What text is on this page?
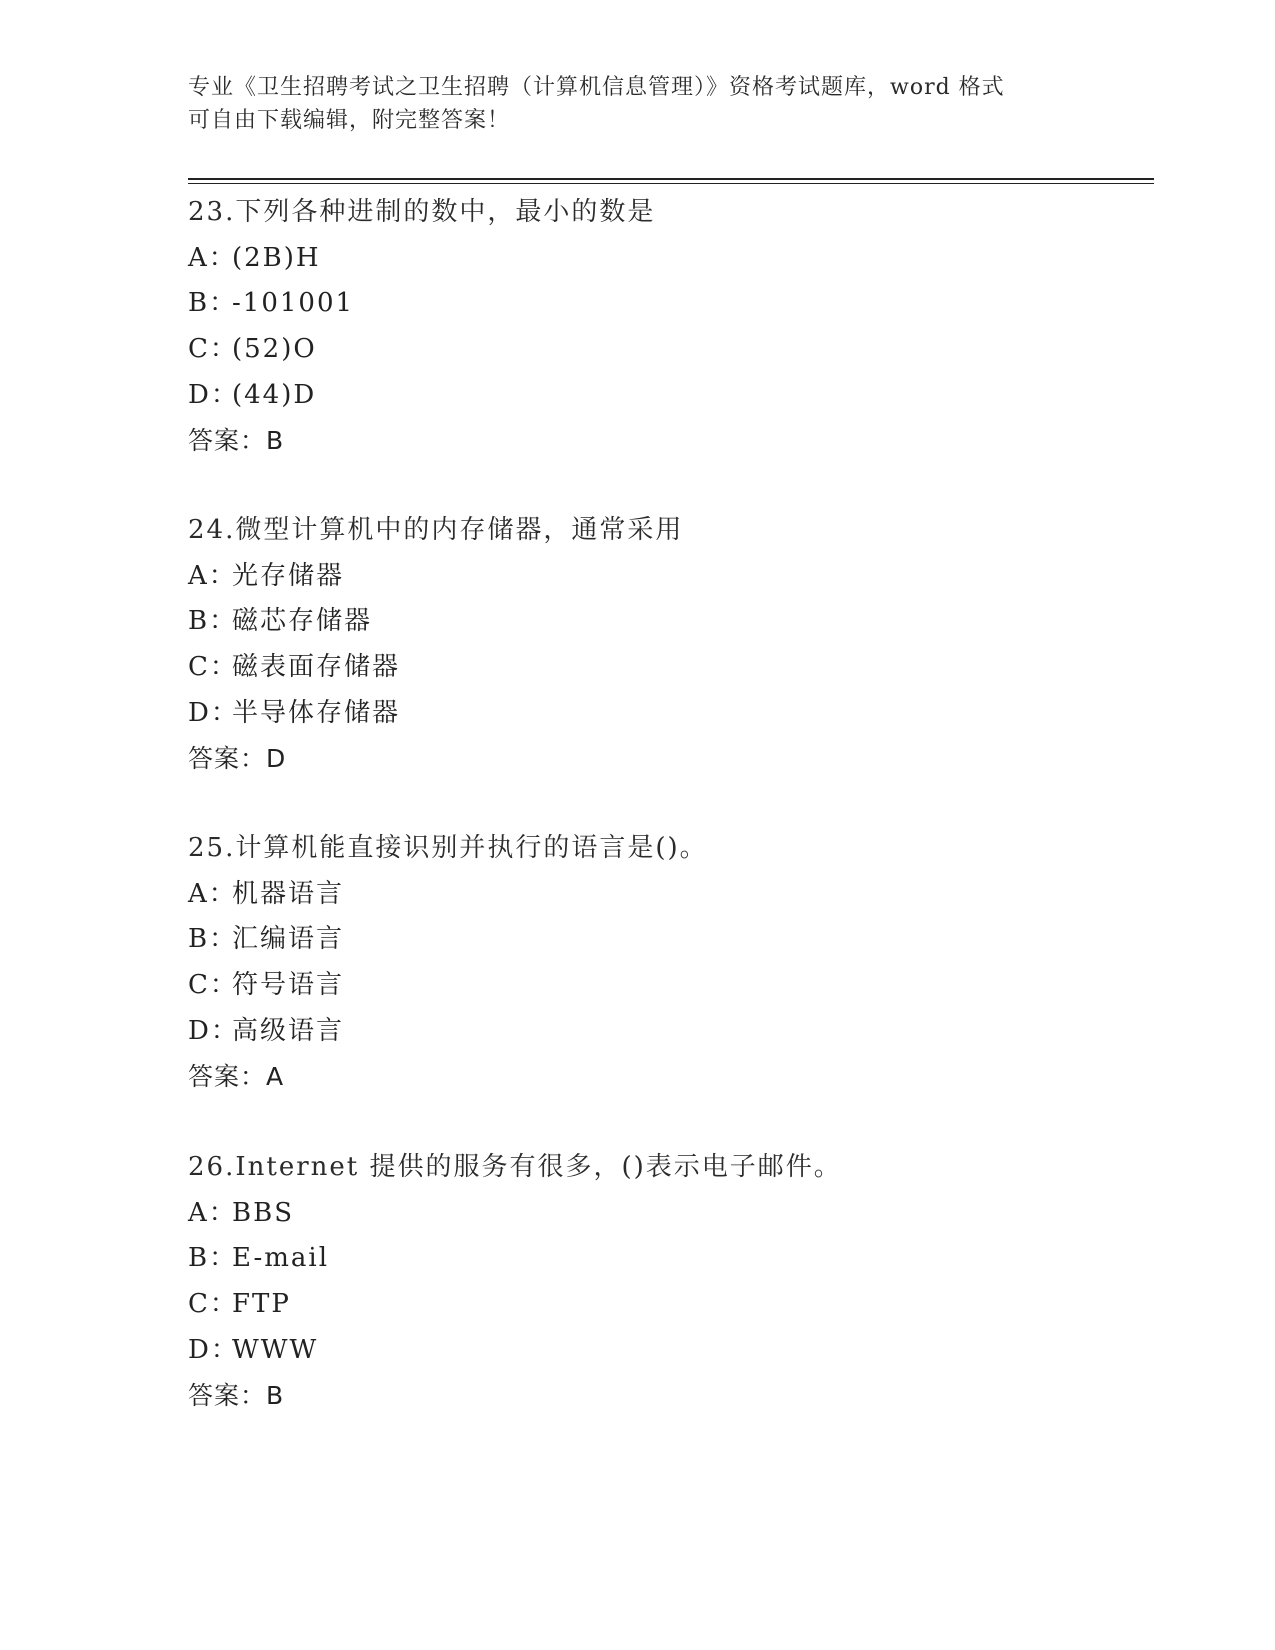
专业《卫生招聘考试之卫生招聘（计算机信息管理）》资格考试题库，word 格式
可自由下载编辑，附完整答案！
23.下列各种进制的数中，最小的数是
A：(2B)H
B：-101001
C：(52)O
D：(44)D
答案：B
24.微型计算机中的内存储器，通常采用
A：光存储器
B：磁芯存储器
C：磁表面存储器
D：半导体存储器
答案：D
25.计算机能直接识别并执行的语言是()。
A：机器语言
B：汇编语言
C：符号语言
D：高级语言
答案：A
26.Internet 提供的服务有很多，()表示电子邮件。
A：BBS
B：E-mail
C：FTP
D：WWW
答案：B
